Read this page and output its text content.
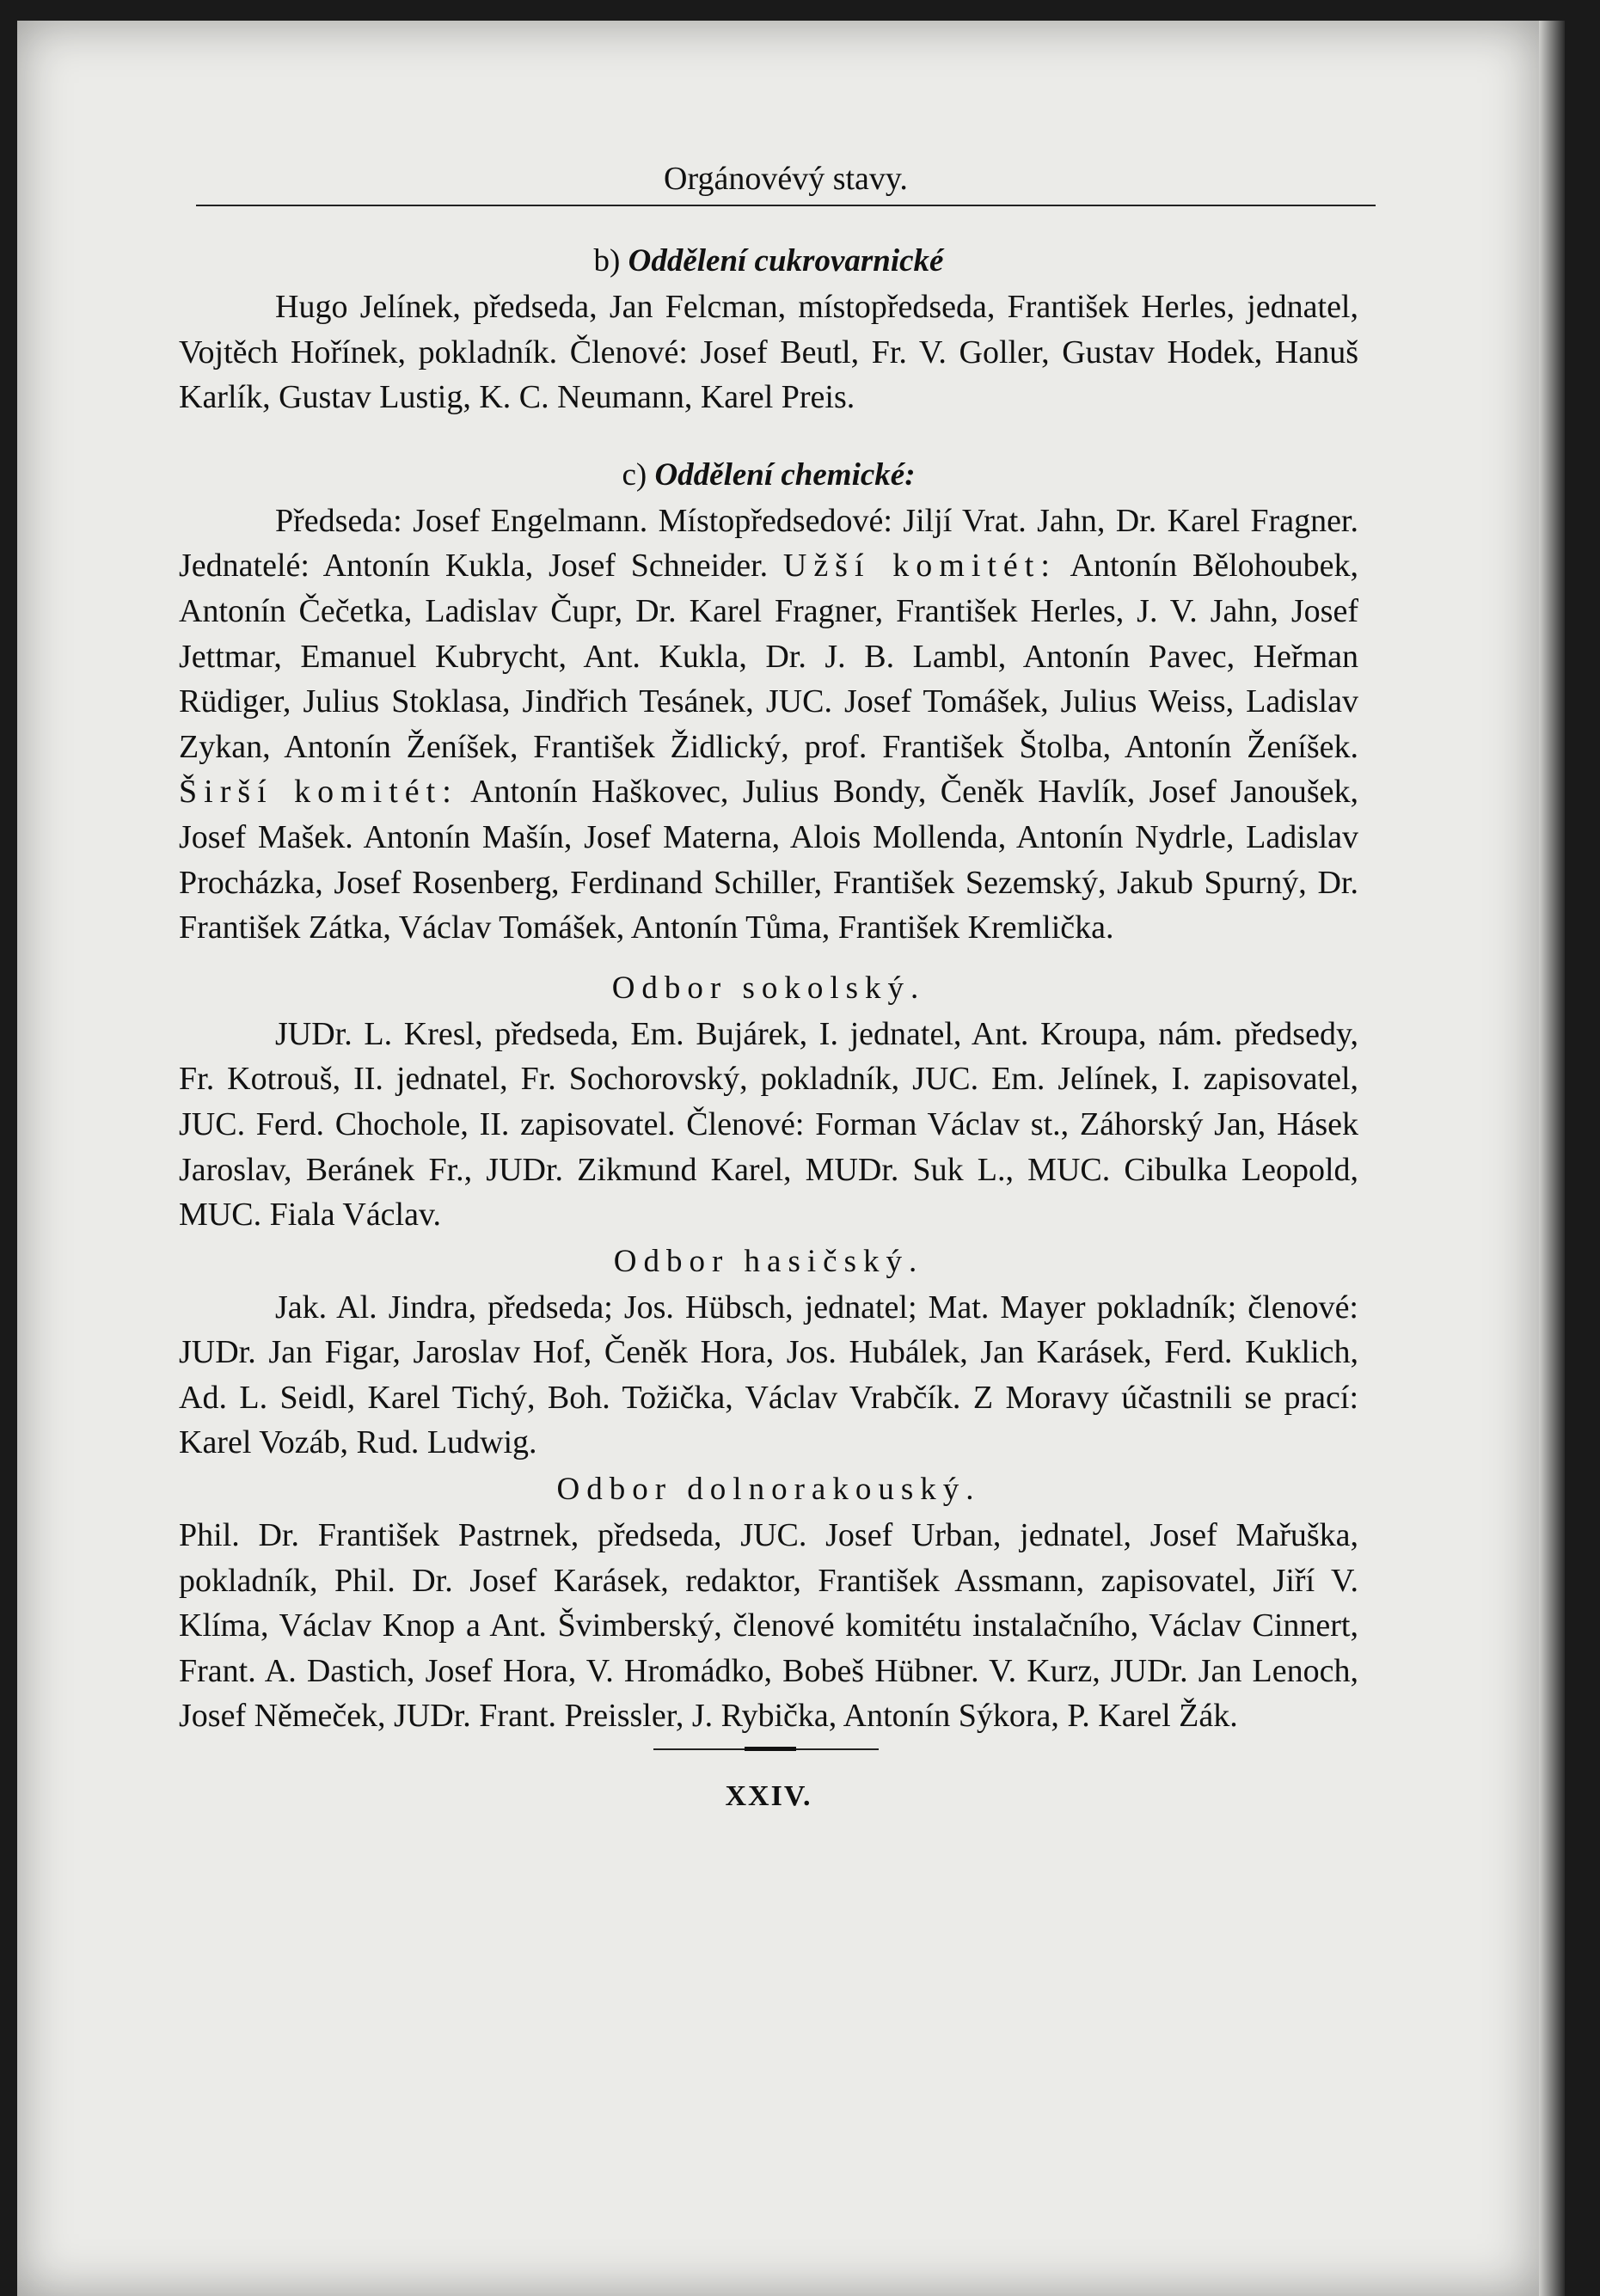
Orgánovévý stavy.
b) Oddělení cukrovarnické

Hugo Jelínek, předseda, Jan Felcman, místopředseda, František Herles, jednatel, Vojtěch Hořínek, pokladník. Členové: Josef Beutl, Fr. V. Goller, Gustav Hodek, Hanuš Karlík, Gustav Lustig, K. C. Neumann, Karel Preis.

c) Oddělení chemické:

Předseda: Josef Engelmann. Místopředsedové: Jiljí Vrat. Jahn, Dr. Karel Fragner. Jednatelé: Antonín Kukla, Josef Schneider. Užší komitét: Antonín Bělohoubek, Antonín Čečetka, Ladislav Čupr, Dr. Karel Fragner, František Herles, J. V. Jahn, Josef Jettmar, Emanuel Kubrycht, Ant. Kukla, Dr. J. B. Lambl, Antonín Pavec, Heřman Rüdiger, Julius Stoklasa, Jindřich Tesánek, JUC. Josef Tomášek, Julius Weiss, Ladislav Zykan, Antonín Ženíšek, František Židlický, prof. František Štolba, Antonín Ženíšek. Širší komitét: Antonín Haškovec, Julius Bondy, Čeněk Havlík, Josef Janoušek, Josef Mašek. Antonín Mašín, Josef Materna, Alois Mollenda, Antonín Nydrle, Ladislav Procházka, Josef Rosenberg, Ferdinand Schiller, František Sezemský, Jakub Spurný, Dr. František Zátka, Václav Tomášek, Antonín Tůma, František Kremlička.

Odbor sokolský.

JUDr. L. Kresl, předseda, Em. Bujárek, I. jednatel, Ant. Kroupa, nám. předsedy, Fr. Kotrouš, II. jednatel, Fr. Sochorovský, pokladník, JUC. Em. Jelínek, I. zapisovatel, JUC. Ferd. Chochole, II. zapisovatel. Členové: Forman Václav st., Záhorský Jan, Hásek Jaroslav, Beránek Fr., JUDr. Zikmund Karel, MUDr. Suk L., MUC. Cibulka Leopold, MUC. Fiala Václav.

Odbor hasičský.

Jak. Al. Jindra, předseda; Jos. Hübsch, jednatel; Mat. Mayer pokladník; členové: JUDr. Jan Figar, Jaroslav Hof, Čeněk Hora, Jos. Hubálek, Jan Karásek, Ferd. Kuklich, Ad. L. Seidl, Karel Tichý, Boh. Tožička, Václav Vrabčík. Z Moravy účastnili se prací: Karel Vozáb, Rud. Ludwig.

Odbor dolnorakouský.

Phil. Dr. František Pastrnek, předseda, JUC. Josef Urban, jednatel, Josef Mařuška, pokladník, Phil. Dr. Josef Karásek, redaktor, František Assmann, zapisovatel, Jiří V. Klíma, Václav Knop a Ant. Švimberský, členové komitétu instalačního, Václav Cinnert, Frant. A. Dastich, Josef Hora, V. Hromádko, Bobeš Hübner. V. Kurz, JUDr. Jan Lenoch, Josef Němeček, JUDr. Frant. Preissler, J. Rybička, Antonín Sýkora, P. Karel Žák.

XXIV.
